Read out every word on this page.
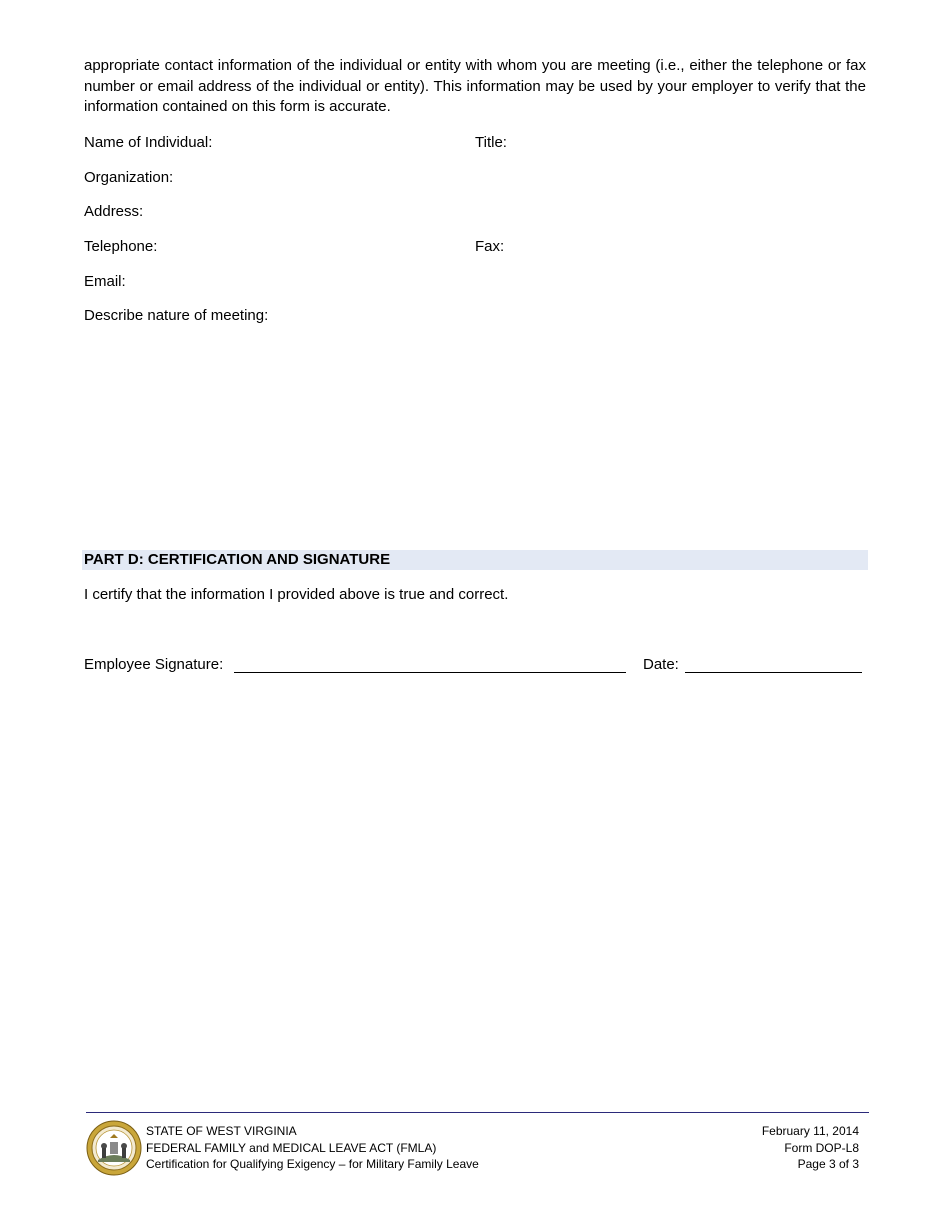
appropriate contact information of the individual or entity with whom you are meeting (i.e., either the telephone or fax number or email address of the individual or entity). This information may be used by your employer to verify that the information contained on this form is accurate.

Name of Individual:	Title:
Organization:
Address:
Telephone:	Fax:
Email:
Describe nature of meeting:
PART D: CERTIFICATION AND SIGNATURE
I certify that the information I provided above is true and correct.
Employee Signature:	Date:
STATE OF WEST VIRGINIA
FEDERAL FAMILY and MEDICAL LEAVE ACT (FMLA)
Certification for Qualifying Exigency – for Military Family Leave
February 11, 2014
Form DOP-L8
Page 3 of 3
